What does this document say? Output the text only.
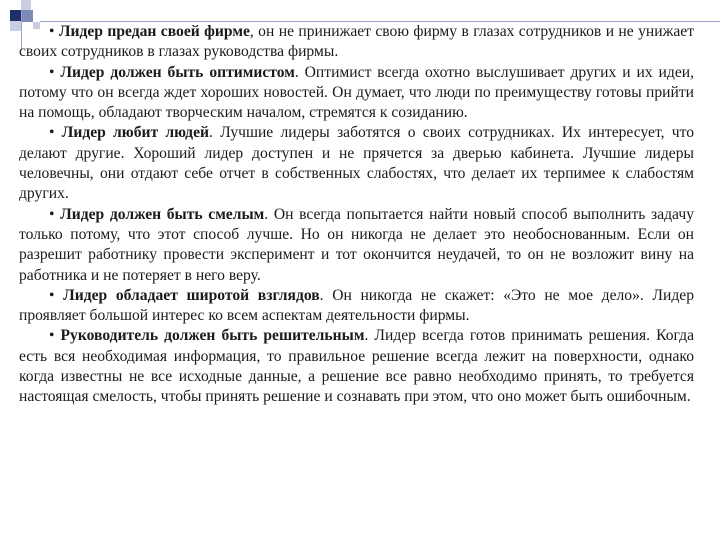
• Лидер предан своей фирме, он не принижает свою фирму в глазах сотрудников и не унижает своих сотрудников в глазах руководства фирмы.

• Лидер должен быть оптимистом. Оптимист всегда охотно выслушивает других и их идеи, потому что он всегда ждет хороших новостей. Он думает, что люди по преимуществу готовы прийти на помощь, обладают творческим началом, стремятся к созиданию.

• Лидер любит людей. Лучшие лидеры заботятся о своих сотрудниках. Их интересует, что делают другие. Хороший лидер доступен и не прячется за дверью кабинета. Лучшие лидеры человечны, они отдают себе отчет в собственных слабостях, что делает их терпимее к слабостям других.

• Лидер должен быть смелым. Он всегда попытается найти новый способ выполнить задачу только потому, что этот способ лучше. Но он никогда не делает это необоснованным. Если он разрешит работнику провести эксперимент и тот окончится неудачей, то он не возложит вину на работника и не потеряет в него веру.

• Лидер обладает широтой взглядов. Он никогда не скажет: «Это не мое дело». Лидер проявляет большой интерес ко всем аспектам деятельности фирмы.

• Руководитель должен быть решительным. Лидер всегда готов принимать решения. Когда есть вся необходимая информация, то правильное решение всегда лежит на поверхности, однако когда известны не все исходные данные, а решение все равно необходимо принять, то требуется настоящая смелость, чтобы принять решение и сознавать при этом, что оно может быть ошибочным.
